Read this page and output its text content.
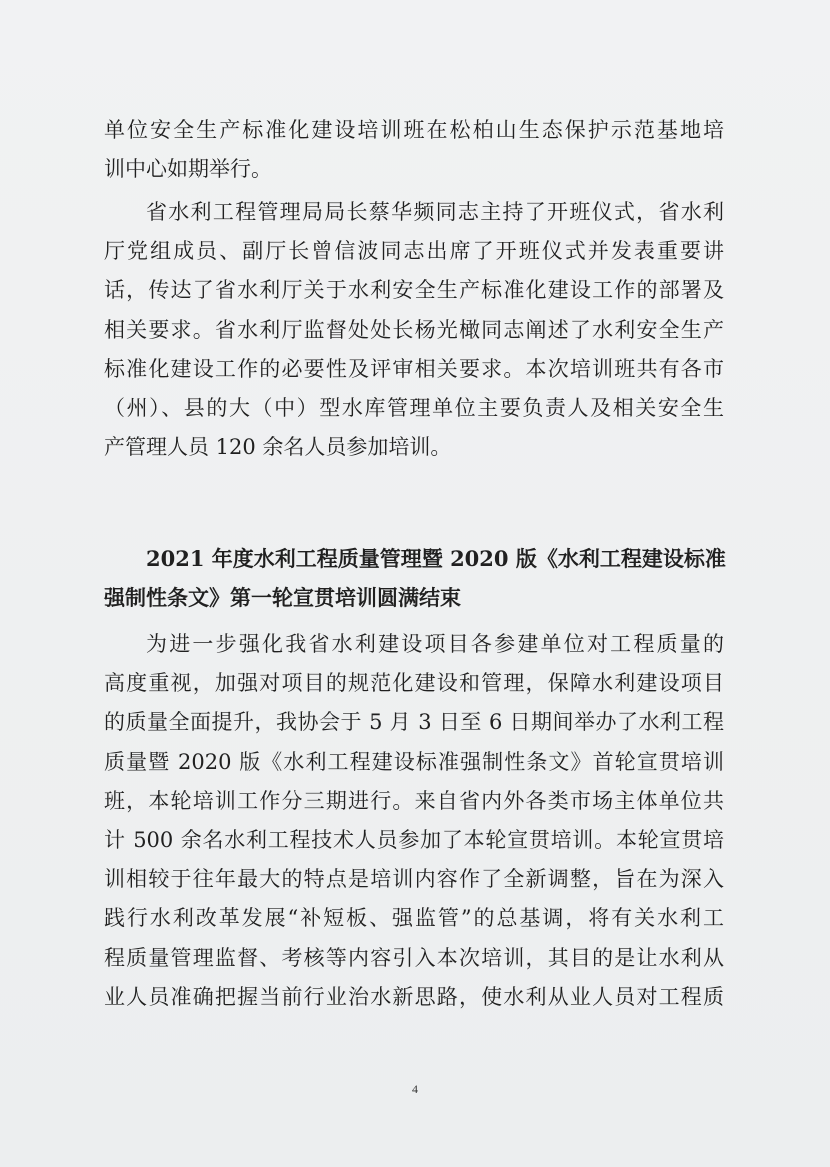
单位安全生产标准化建设培训班在松柏山生态保护示范基地培
训中心如期举行。
省水利工程管理局局长蔡华频同志主持了开班仪式，省水利
厅党组成员、副厅长曾信波同志出席了开班仪式并发表重要讲
话，传达了省水利厅关于水利安全生产标准化建设工作的部署及
相关要求。省水利厅监督处处长杨光橄同志阐述了水利安全生产
标准化建设工作的必要性及评审相关要求。本次培训班共有各市
（州）、县的大（中）型水库管理单位主要负责人及相关安全生
产管理人员 120 余名人员参加培训。
2021 年度水利工程质量管理暨 2020 版《水利工程建设标准
强制性条文》第一轮宣贯培训圆满结束
为进一步强化我省水利建设项目各参建单位对工程质量的
高度重视，加强对项目的规范化建设和管理，保障水利建设项目
的质量全面提升，我协会于 5 月 3 日至 6 日期间举办了水利工程
质量暨 2020 版《水利工程建设标准强制性条文》首轮宣贯培训
班，本轮培训工作分三期进行。来自省内外各类市场主体单位共
计 500 余名水利工程技术人员参加了本轮宣贯培训。本轮宣贯培
训相较于往年最大的特点是培训内容作了全新调整，旨在为深入
践行水利改革发展“补短板、强监管”的总基调，将有关水利工
程质量管理监督、考核等内容引入本次培训，其目的是让水利从
业人员准确把握当前行业治水新思路，使水利从业人员对工程质
4
